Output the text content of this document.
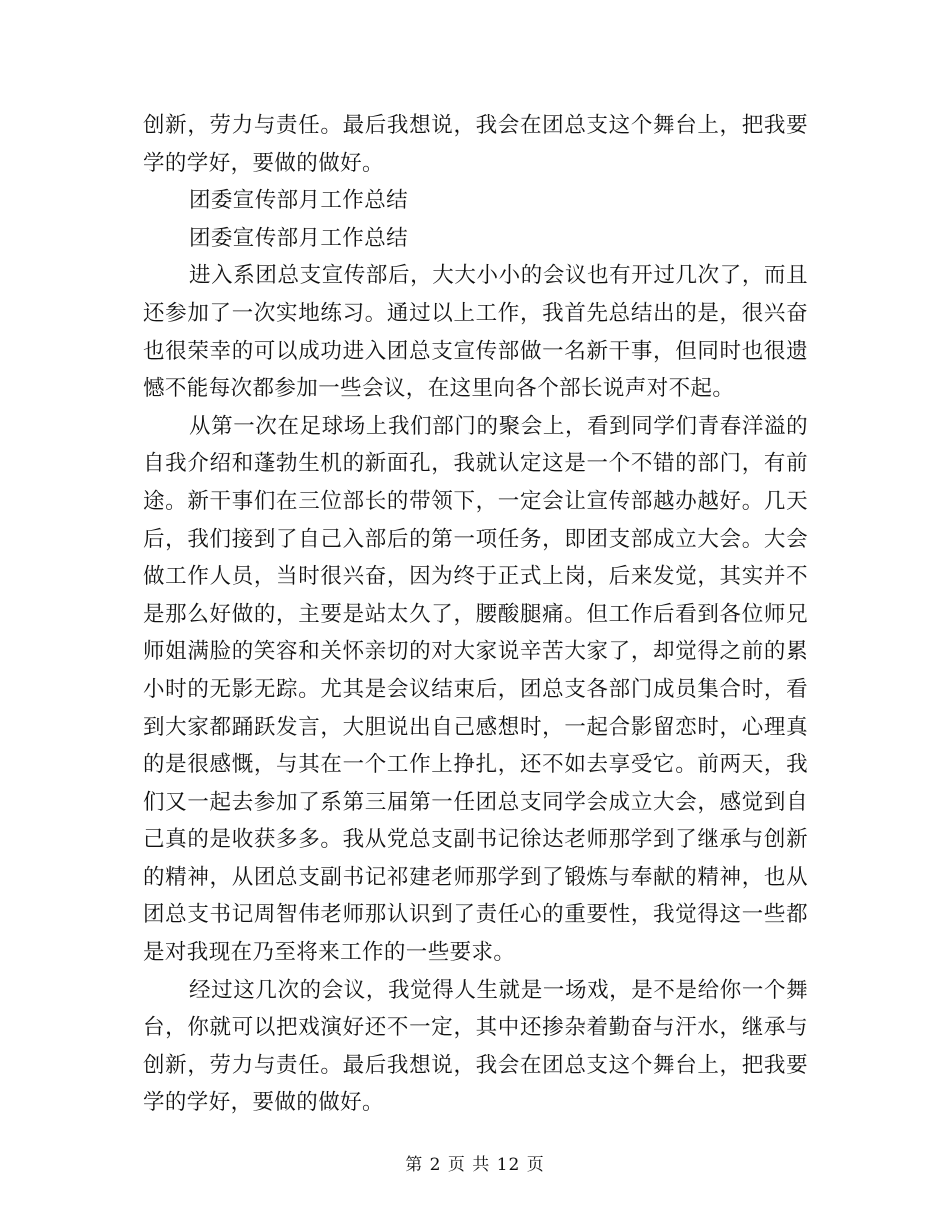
创新，劳力与责任。最后我想说，我会在团总支这个舞台上，把我要学的学好，要做的做好。

团委宣传部月工作总结

团委宣传部月工作总结

进入系团总支宣传部后，大大小小的会议也有开过几次了，而且还参加了一次实地练习。通过以上工作，我首先总结出的是，很兴奋也很荣幸的可以成功进入团总支宣传部做一名新干事，但同时也很遗憾不能每次都参加一些会议，在这里向各个部长说声对不起。

从第一次在足球场上我们部门的聚会上，看到同学们青春洋溢的自我介绍和蓬勃生机的新面孔，我就认定这是一个不错的部门，有前途。新干事们在三位部长的带领下，一定会让宣传部越办越好。几天后，我们接到了自己入部后的第一项任务，即团支部成立大会。大会做工作人员，当时很兴奋，因为终于正式上岗，后来发觉，其实并不是那么好做的，主要是站太久了，腰酸腿痛。但工作后看到各位师兄师姐满脸的笑容和关怀亲切的对大家说辛苦大家了，却觉得之前的累小时的无影无踪。尤其是会议结束后，团总支各部门成员集合时，看到大家都踊跃发言，大胆说出自己感想时，一起合影留恋时，心理真的是很感慨，与其在一个工作上挣扎，还不如去享受它。前两天，我们又一起去参加了系第三届第一任团总支同学会成立大会，感觉到自己真的是收获多多。我从党总支副书记徐达老师那学到了继承与创新的精神，从团总支副书记祁建老师那学到了锻炼与奉献的精神，也从团总支书记周智伟老师那认识到了责任心的重要性，我觉得这一些都是对我现在乃至将来工作的一些要求。

经过这几次的会议，我觉得人生就是一场戏，是不是给你一个舞台，你就可以把戏演好还不一定，其中还掺杂着勤奋与汗水，继承与创新，劳力与责任。最后我想说，我会在团总支这个舞台上，把我要学的学好，要做的做好。

第 2 页 共 12 页
